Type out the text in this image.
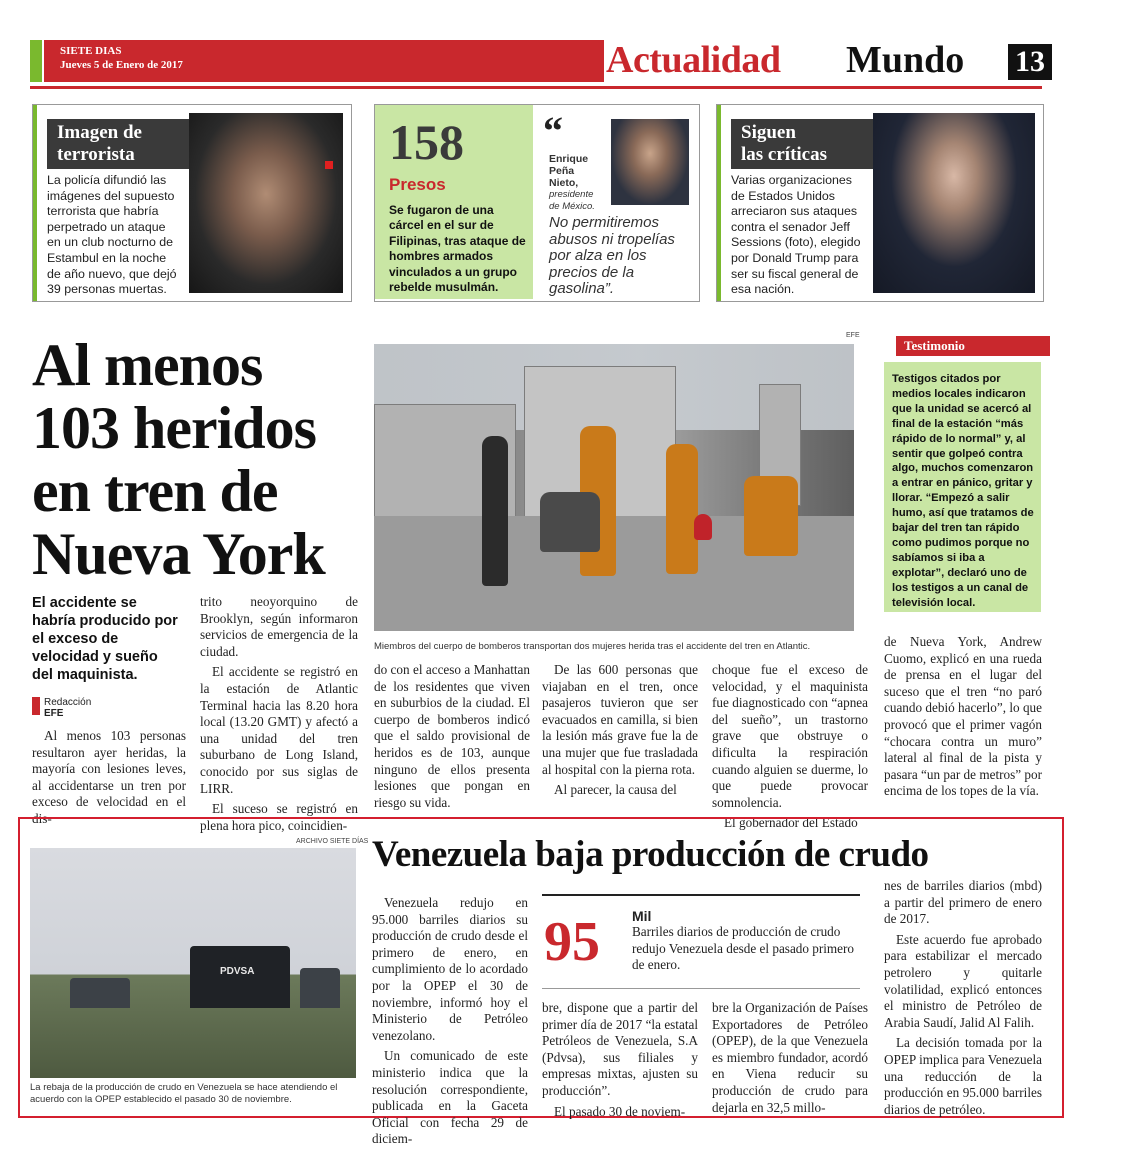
SIETE DIAS
Jueves 5 de Enero de 2017	Actualidad Mundo 13
Imagen de
terrorista
La policía difundió las imágenes del supuesto terrorista que habría perpetrado un ataque en un club nocturno de Estambul en la noche de año nuevo, que dejó 39 personas muertas.
158
Presos
Se fugaron de una cárcel en el sur de Filipinas, tras ataque de hombres armados vinculados a un grupo rebelde musulmán.
“
Enrique
Peña
Nieto,
presidente
de México.
No permitiremos abusos ni tropelías por alza en los precios de la gasolina”.
Siguen
las críticas
Varias organizaciones de Estados Unidos arreciaron sus ataques contra el senador Jeff Sessions (foto), elegido por Donald Trump para ser su fiscal general de esa nación.
Al menos
103 heridos
en tren de
Nueva York
El accidente se habría producido por el exceso de velocidad y sueño del maquinista.
Redacción
EFE

Al menos 103 personas resultaron ayer heridas, la mayoría con lesiones leves, al accidentarse un tren por exceso de velocidad en el dis-

trito neoyorquino de Brooklyn, según informaron servicios de emergencia de la ciudad.

El accidente se registró en la estación de Atlantic Terminal hacia las 8.20 hora local (13.20 GMT) y afectó a una unidad del tren suburbano de Long Island, conocido por sus siglas de LIRR.

El suceso se registró en plena hora pico, coincidien-

do con el acceso a Manhattan de los residentes que viven en suburbios de la ciudad. El cuerpo de bomberos indicó que el saldo provisional de heridos es de 103, aunque ninguno de ellos presenta lesiones que pongan en riesgo su vida.

De las 600 personas que viajaban en el tren, once pasajeros tuvieron que ser evacuados en camilla, si bien la lesión más grave fue la de una mujer que fue trasladada al hospital con la pierna rota.

Al parecer, la causa del

choque fue el exceso de velocidad, y el maquinista fue diagnosticado con “apnea del sueño”, un trastorno grave que obstruye o dificulta la respiración cuando alguien se duerme, lo que puede provocar somnolencia.

El gobernador del Estado

de Nueva York, Andrew Cuomo, explicó en una rueda de prensa en el lugar del suceso que el tren “no paró cuando debió hacerlo”, lo que provocó que el primer vagón “chocara contra un muro” lateral al final de la pista y pasara “un par de metros” por encima de los topes de la vía.

EFE
Miembros del cuerpo de bomberos transportan dos mujeres herida tras el accidente del tren en Atlantic.
Testimonio
Testigos citados por medios locales indicaron que la unidad se acercó al final de la estación “más rápido de lo normal” y, al sentir que golpeó contra algo, muchos comenzaron a entrar en pánico, gritar y llorar. “Empezó a salir humo, así que tratamos de bajar del tren tan rápido como pudimos porque no sabíamos si iba a explotar”, declaró uno de los testigos a un canal de televisión local.
ARCHIVO SIETE DÍAS
PDVSA
La rebaja de la producción de crudo en Venezuela se hace atendiendo el acuerdo con la OPEP establecido el pasado 30 de noviembre.
Venezuela baja producción de crudo

Venezuela redujo en 95.000 barriles diarios su producción de crudo desde el primero de enero, en cumplimiento de lo acordado por la OPEP el 30 de noviembre, informó hoy el Ministerio de Petróleo venezolano.

Un comunicado de este ministerio indica que la resolución correspondiente, publicada en la Gaceta Oficial con fecha 29 de diciem-

95 Mil
Barriles diarios de producción de crudo redujo Venezuela desde el pasado primero de enero.

bre, dispone que a partir del primer día de 2017 “la estatal Petróleos de Venezuela, S.A (Pdvsa), sus filiales y empresas mixtas, ajusten su producción”.

El pasado 30 de noviem-

bre la Organización de Países Exportadores de Petróleo (OPEP), de la que Venezuela es miembro fundador, acordó en Viena reducir su producción de crudo para dejarla en 32,5 millo-

nes de barriles diarios (mbd) a partir del primero de enero de 2017.

Este acuerdo fue aprobado para estabilizar el mercado petrolero y quitarle volatilidad, explicó entonces el ministro de Petróleo de Arabia Saudí, Jalid Al Falih.

La decisión tomada por la OPEP implica para Venezuela una reducción de la producción en 95.000 barriles diarios de petróleo.
